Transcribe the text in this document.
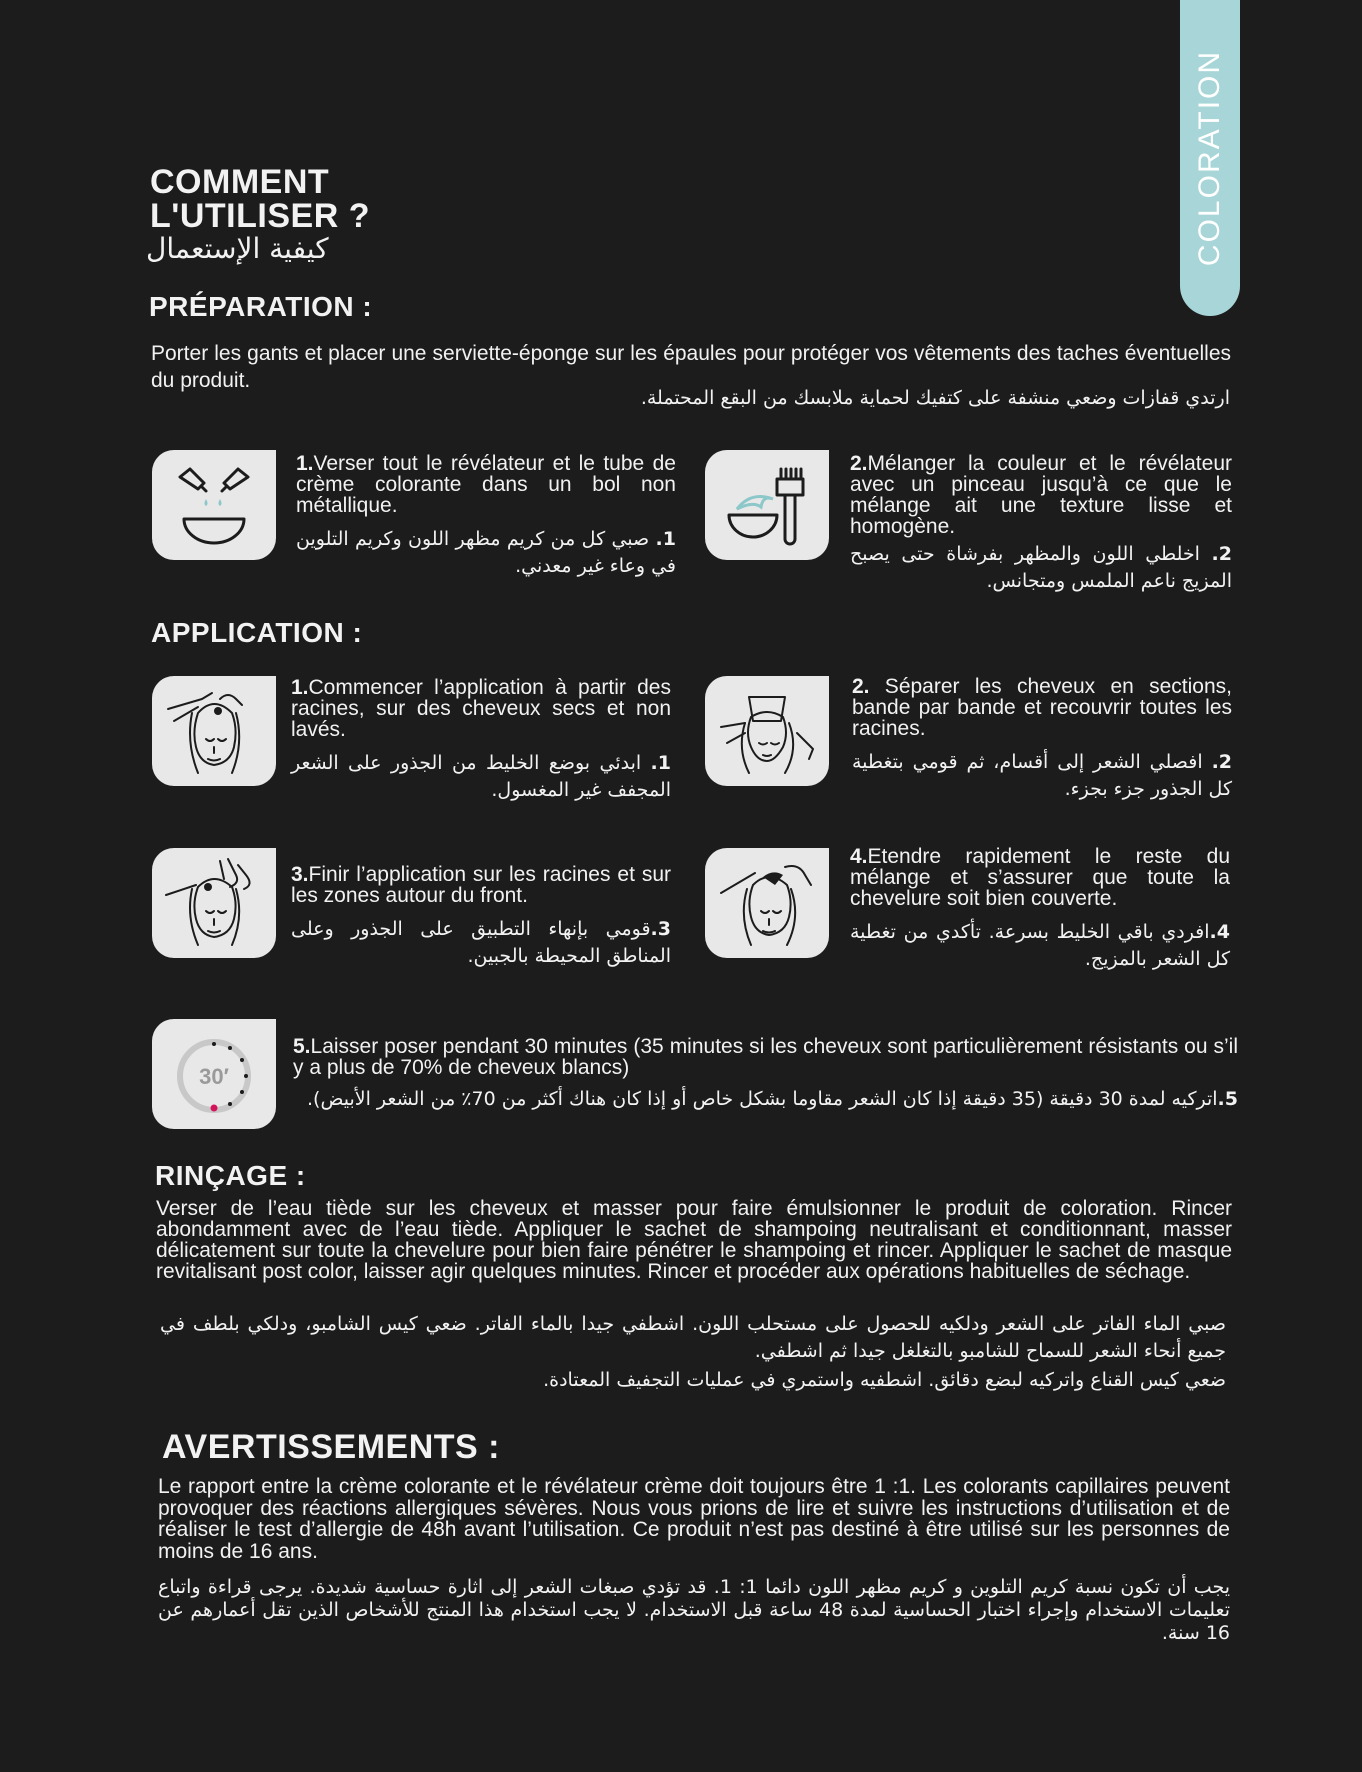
COLORATION
COMMENT
L'UTILISER ?
كيفية الإستعمال
PRÉPARATION :
Porter les gants et placer une serviette-éponge sur les épaules pour protéger vos vêtements des taches éventuelles du produit.
ارتدي قفازات وضعي منشفة على كتفيك لحماية ملابسك من البقع المحتملة.
1.Verser tout le révélateur et le tube de crème colorante dans un bol non métallique.
1. صبي كل من كريم مظهر اللون وكريم التلوين في وعاء غير معدني.
2.Mélanger la couleur et le révélateur avec un pinceau jusqu’à ce que le mélange ait une texture lisse et homogène.
2. اخلطي اللون والمظهر بفرشاة حتى يصبح المزيج ناعم الملمس ومتجانس.
APPLICATION :
1.Commencer l’application à partir des racines, sur des cheveux secs et non lavés.
1. ابدئي بوضع الخليط من الجذور على الشعر المجفف غير المغسول.
2. Séparer les cheveux en sections, bande par bande et recouvrir toutes les racines.
2. افصلي الشعر إلى أقسام، ثم قومي بتغطية كل الجذور جزء بجزء.
3.Finir l’application sur les racines et sur les zones autour du front.
3.قومي بإنهاء التطبيق على الجذور وعلى المناطق المحيطة بالجبين.
4.Etendre rapidement le reste du mélange et s’assurer que toute la chevelure soit bien couverte.
4.افردي باقي الخليط بسرعة. تأكدي من تغطية كل الشعر بالمزيج.
30′
5.Laisser poser pendant 30 minutes (35 minutes si les cheveux sont particulièrement résistants ou s’il y a plus de 70% de cheveux blancs)
5.اتركيه لمدة 30 دقيقة (35 دقيقة إذا كان الشعر مقاوما بشكل خاص أو إذا كان هناك أكثر من 70٪ من الشعر الأبيض).
RINÇAGE :
Verser de l’eau tiède sur les cheveux et masser pour faire émulsionner le produit de coloration. Rincer abondamment avec de l’eau tiède. Appliquer le sachet de shampoing neutralisant et conditionnant, masser délicatement sur toute la chevelure pour bien faire pénétrer le shampoing et rincer. Appliquer le sachet de masque revitalisant post color, laisser agir quelques minutes. Rincer et procéder aux opérations habituelles de séchage.
صبي الماء الفاتر على الشعر ودلكيه للحصول على مستحلب اللون. اشطفي جيدا بالماء الفاتر. ضعي كيس الشامبو، ودلكي بلطف في جميع أنحاء الشعر للسماح للشامبو بالتغلغل جيدا ثم اشطفي.
ضعي كيس القناع واتركيه لبضع دقائق. اشطفيه واستمري في عمليات التجفيف المعتادة.
AVERTISSEMENTS :
Le rapport entre la crème colorante et le révélateur crème doit toujours être 1 :1. Les colorants capillaires peuvent provoquer des réactions allergiques sévères. Nous vous prions de lire et suivre les instructions d’utilisation et de réaliser le test d’allergie de 48h avant l’utilisation. Ce produit n’est pas destiné à être utilisé sur les personnes de moins de 16 ans.
يجب أن تكون نسبة كريم التلوين و كريم مظهر اللون دائما 1: 1. قد تؤدي صبغات الشعر إلى اثارة حساسية شديدة. يرجى قراءة واتباع تعليمات الاستخدام وإجراء اختبار الحساسية لمدة 48 ساعة قبل الاستخدام. لا يجب استخدام هذا المنتج للأشخاص الذين تقل أعمارهم عن 16 سنة.
